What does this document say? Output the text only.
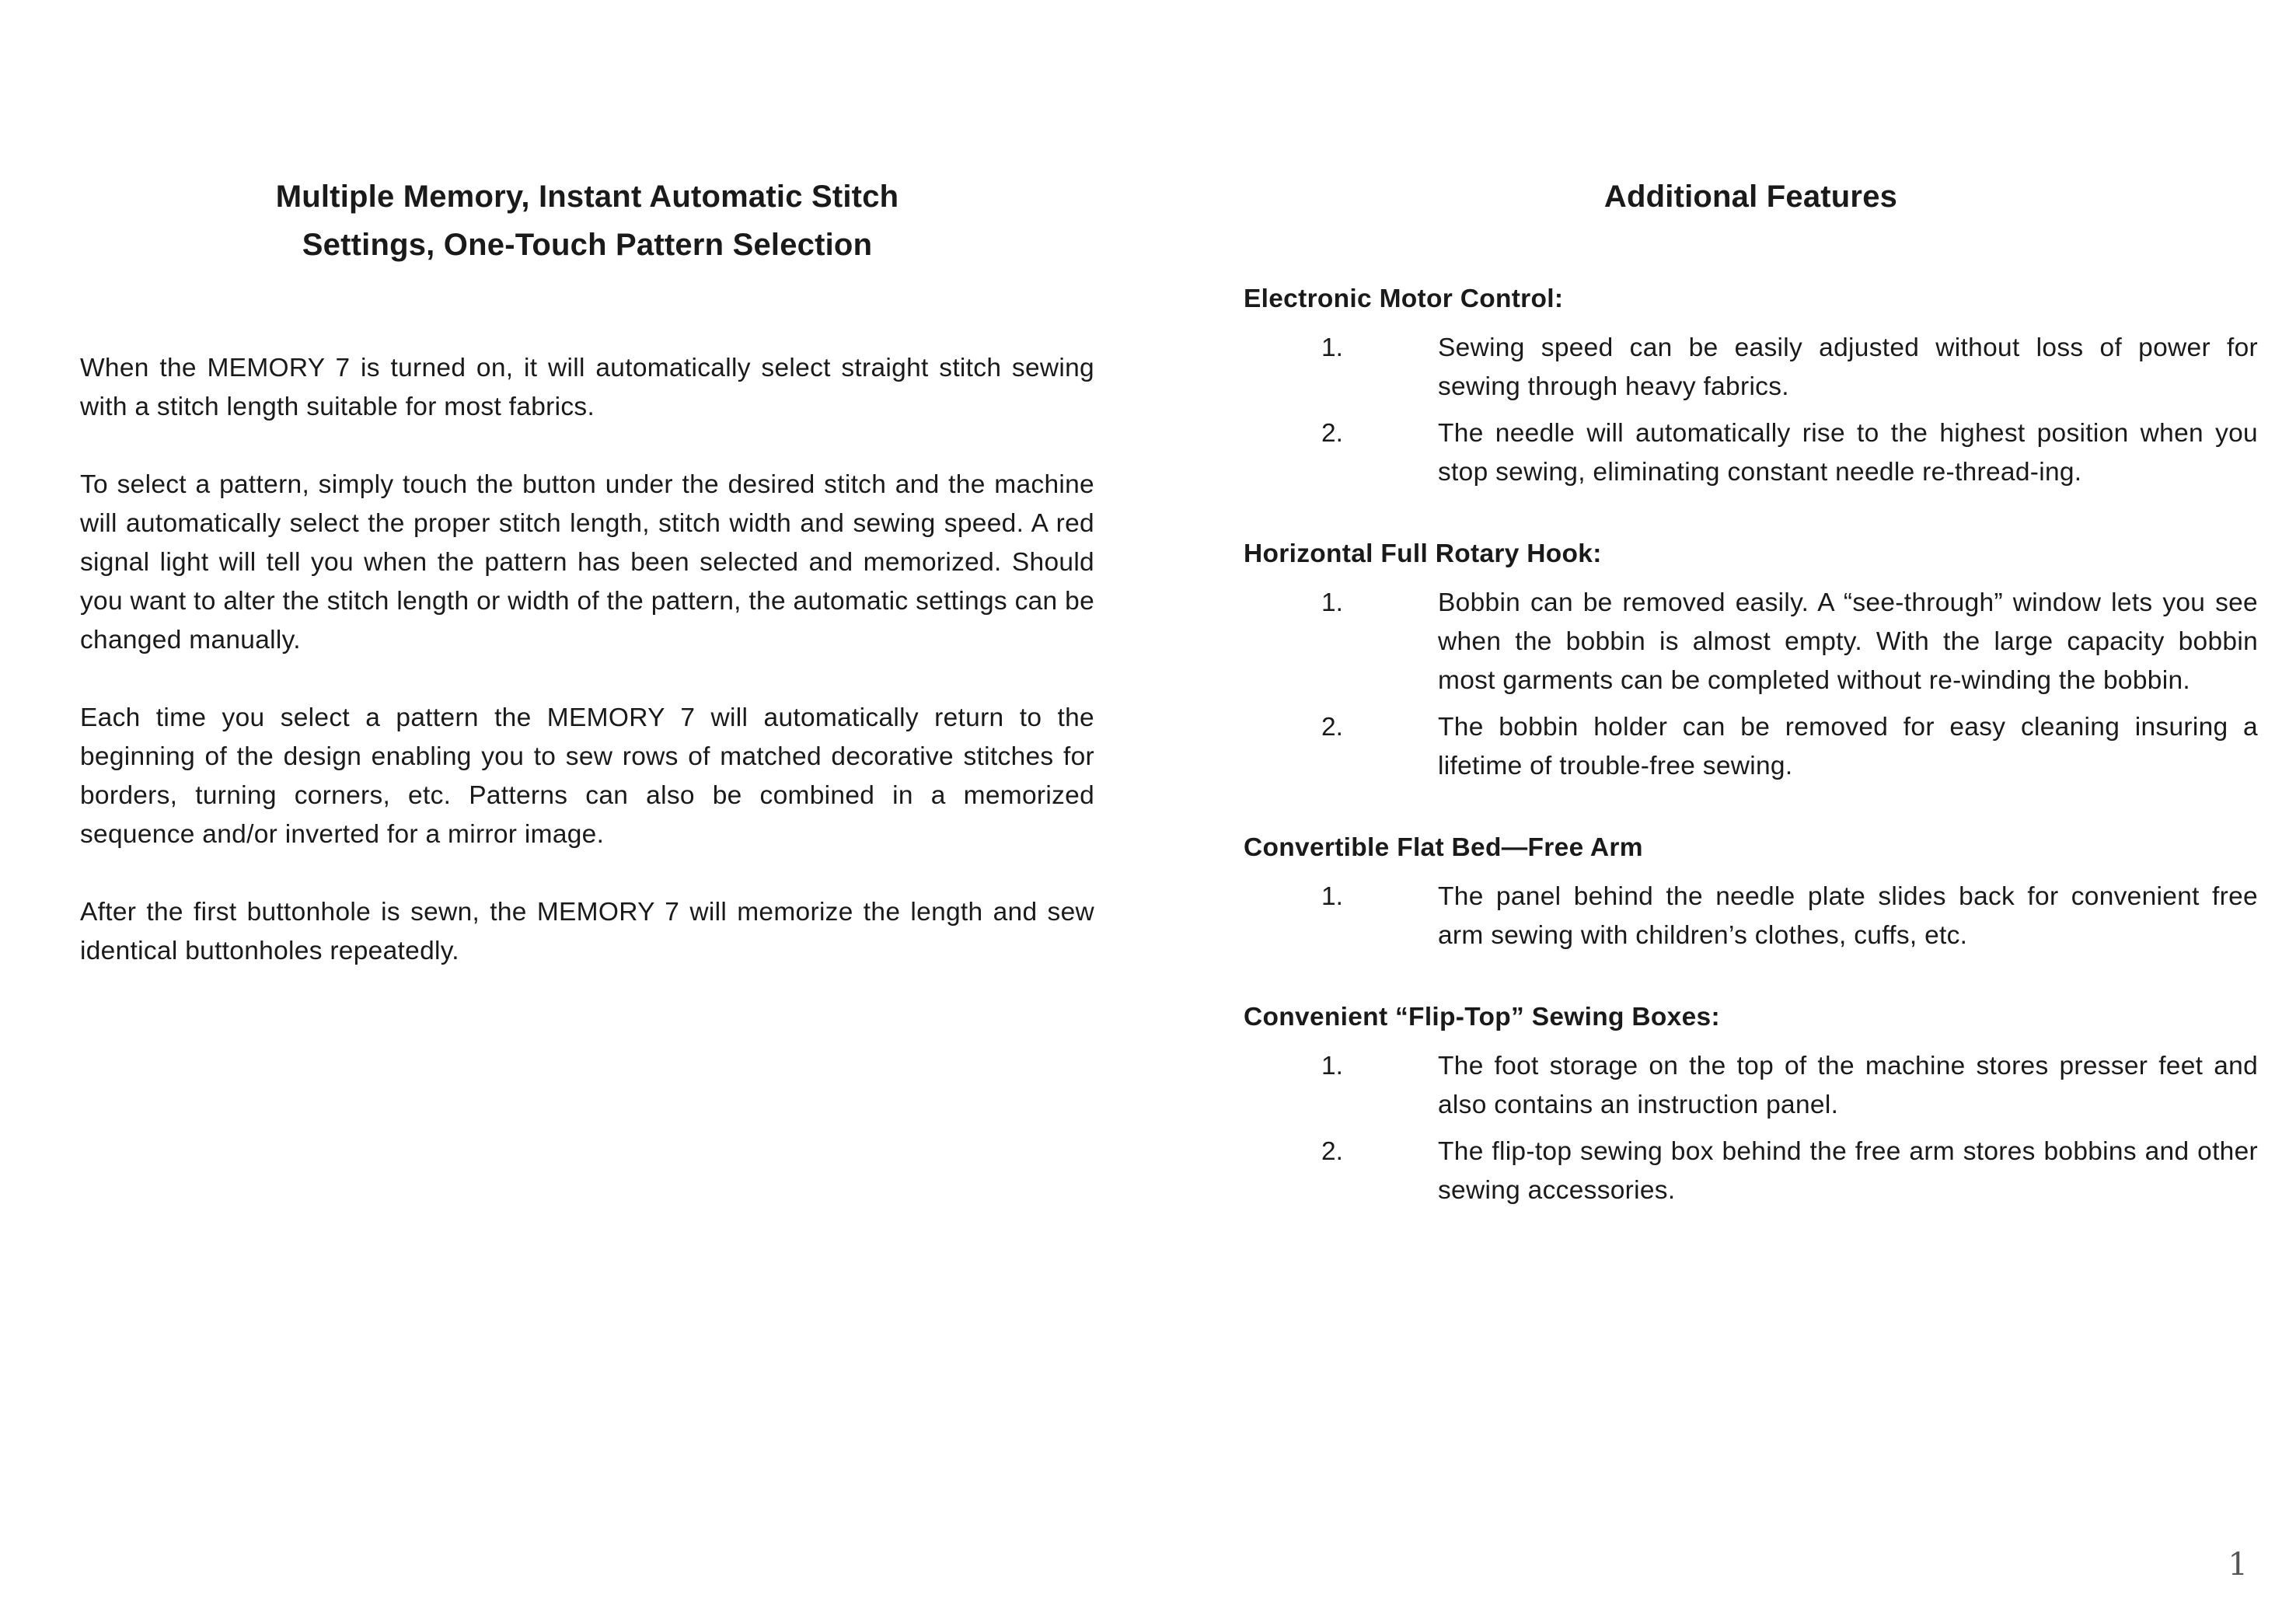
Multiple Memory, Instant Automatic Stitch
Settings, One-Touch Pattern Selection

When the MEMORY 7 is turned on, it will automatically select straight stitch sewing with a stitch length suitable for most fabrics.

To select a pattern, simply touch the button under the desired stitch and the machine will automatically select the proper stitch length, stitch width and sewing speed. A red signal light will tell you when the pattern has been selected and memorized. Should you want to alter the stitch length or width of the pattern, the automatic settings can be changed manually.

Each time you select a pattern the MEMORY 7 will automatically return to the beginning of the design enabling you to sew rows of matched decorative stitches for borders, turning corners, etc. Patterns can also be combined in a memorized sequence and/or inverted for a mirror image.

After the first buttonhole is sewn, the MEMORY 7 will memorize the length and sew identical buttonholes repeatedly.

Additional Features

Electronic Motor Control:

1.	Sewing speed can be easily adjusted without loss of power for sewing through heavy fabrics.
2.	The needle will automatically rise to the highest position when you stop sewing, eliminating constant needle re-thread-ing.

Horizontal Full Rotary Hook:

1.	Bobbin can be removed easily. A “see-through” window lets you see when the bobbin is almost empty. With the large capacity bobbin most garments can be completed without re-winding the bobbin.
2.	The bobbin holder can be removed for easy cleaning insuring a lifetime of trouble-free sewing.

Convertible Flat Bed—Free Arm

1.	The panel behind the needle plate slides back for convenient free arm sewing with children’s clothes, cuffs, etc.

Convenient “Flip-Top” Sewing Boxes:

1.	The foot storage on the top of the machine stores presser feet and also contains an instruction panel.
2.	The flip-top sewing box behind the free arm stores bobbins and other sewing accessories.
1
